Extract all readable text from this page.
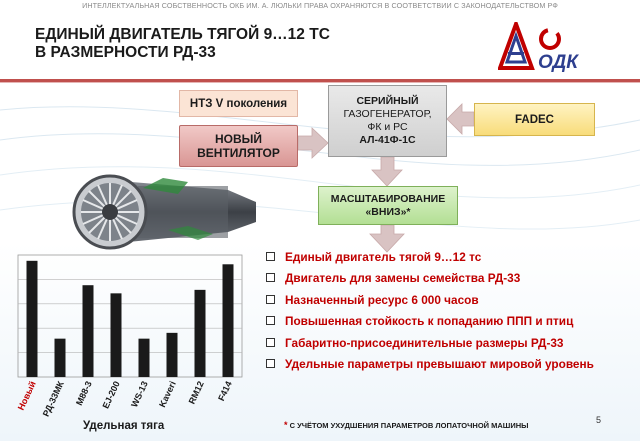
ИНТЕЛЛЕКТУАЛЬНАЯ СОБСТВЕННОСТЬ ОКБ ИМ. А. ЛЮЛЬКИ ПРАВА ОХРАНЯЮТСЯ В СООТВЕТСТВИИ С ЗАКОНОДАТЕЛЬСТВОМ РФ
ЕДИНЫЙ ДВИГАТЕЛЬ ТЯГОЙ 9…12 ТС
В РАЗМЕРНОСТИ РД-33	ОДК
НТЗ V поколения
НОВЫЙ
ВЕНТИЛЯТОР
СЕРИЙНЫЙ
ГАЗОГЕНЕРАТОР,
ФК и РС
АЛ-41Ф-1С
FADEC
МАСШТАБИРОВАНИЕ
«ВНИЗ»*
Новый РД-33МК M88-3 EJ-200 WS-13 Kaveri RM12 F414
Удельная тяга
Единый двигатель тягой 9…12 тс
Двигатель для замены семейства РД-33
Назначенный ресурс 6 000 часов
Повышенная стойкость к попаданию ППП и птиц
Габаритно-присоединительные размеры РД-33
Удельные параметры превышают мировой уровень
* С УЧЁТОМ УХУДШЕНИЯ ПАРАМЕТРОВ ЛОПАТОЧНОЙ МАШИНЫ
5
